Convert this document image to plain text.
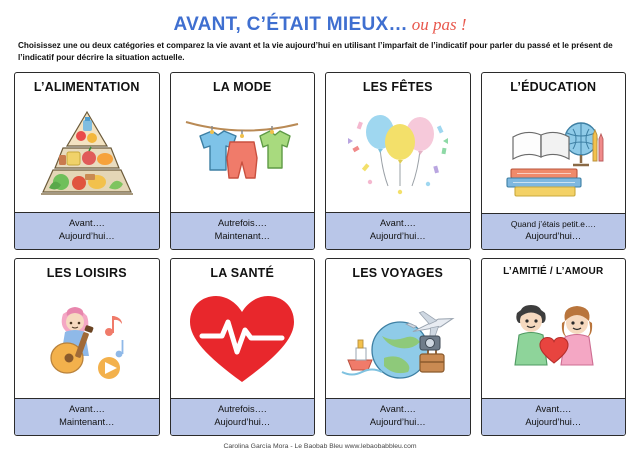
AVANT, C’ÉTAIT MIEUX… ou pas !

Choisissez une ou deux catégories et comparez la vie avant et la vie aujourd’hui en utilisant l’imparfait de l’indicatif pour parler du passé et le présent de l’indicatif pour décrire la situation actuelle.

L’ALIMENTATION
Avant….
Aujourd’hui…
LA MODE
Autrefois….
Maintenant…
LES FÊTES
Avant….
Aujourd’hui…
L’ÉDUCATION
Quand j’étais petit.e….
Aujourd’hui…
LES LOISIRS
Avant….
Maintenant…
LA SANTÉ
Autrefois….
Aujourd’hui…
LES VOYAGES
Avant….
Aujourd’hui…
L’AMITIÉ / L’AMOUR
Avant….
Aujourd’hui…
Carolina García Mora - Le Baobab Bleu www.lebaobabbleu.com
